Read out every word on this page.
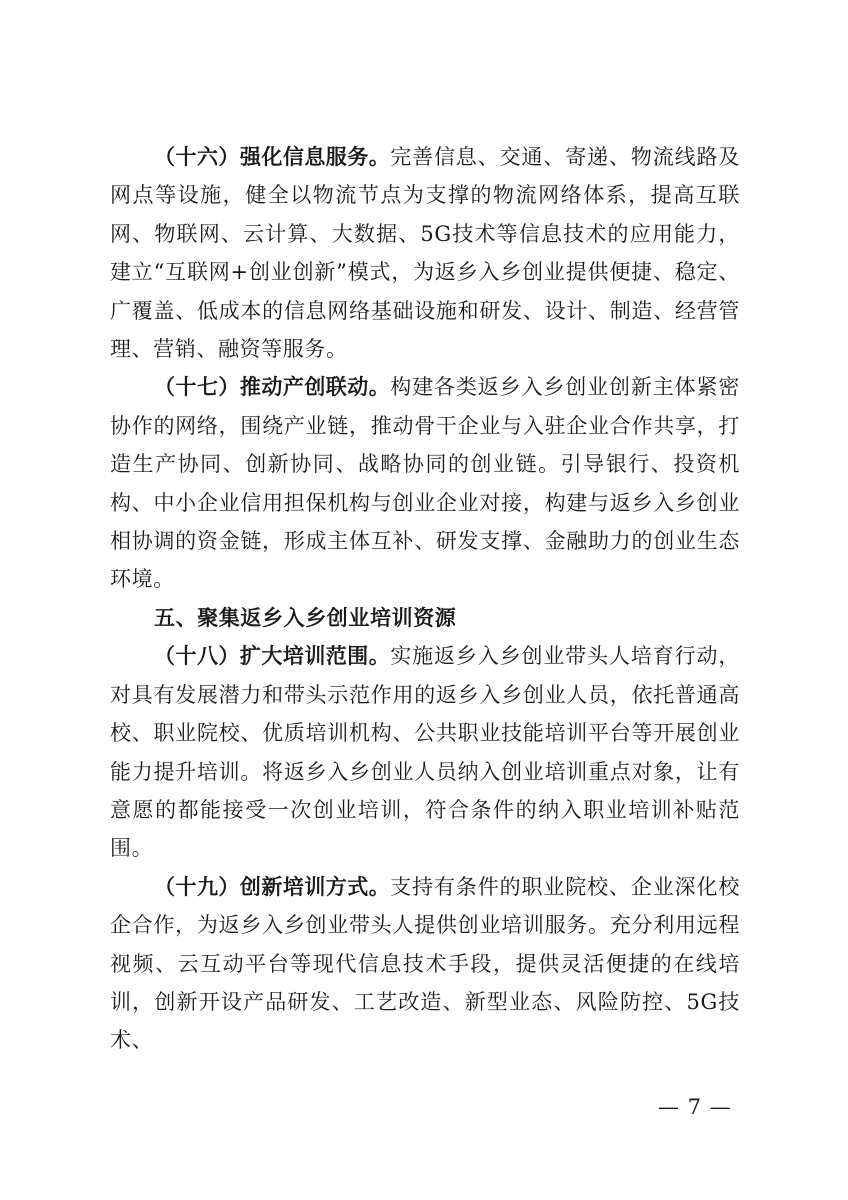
（十六）强化信息服务。完善信息、交通、寄递、物流线路及网点等设施，健全以物流节点为支撑的物流网络体系，提高互联网、物联网、云计算、大数据、5G技术等信息技术的应用能力，建立“互联网+创业创新”模式，为返乡入乡创业提供便捷、稳定、广覆盖、低成本的信息网络基础设施和研发、设计、制造、经营管理、营销、融资等服务。

（十七）推动产创联动。构建各类返乡入乡创业创新主体紧密协作的网络，围绕产业链，推动骨干企业与入驻企业合作共享，打造生产协同、创新协同、战略协同的创业链。引导银行、投资机构、中小企业信用担保机构与创业企业对接，构建与返乡入乡创业相协调的资金链，形成主体互补、研发支撑、金融助力的创业生态环境。

五、聚集返乡入乡创业培训资源

（十八）扩大培训范围。实施返乡入乡创业带头人培育行动，对具有发展潜力和带头示范作用的返乡入乡创业人员，依托普通高校、职业院校、优质培训机构、公共职业技能培训平台等开展创业能力提升培训。将返乡入乡创业人员纳入创业培训重点对象，让有意愿的都能接受一次创业培训，符合条件的纳入职业培训补贴范围。

（十九）创新培训方式。支持有条件的职业院校、企业深化校企合作，为返乡入乡创业带头人提供创业培训服务。充分利用远程视频、云互动平台等现代信息技术手段，提供灵活便捷的在线培训，创新开设产品研发、工艺改造、新型业态、风险防控、5G技术、

— 7 —
